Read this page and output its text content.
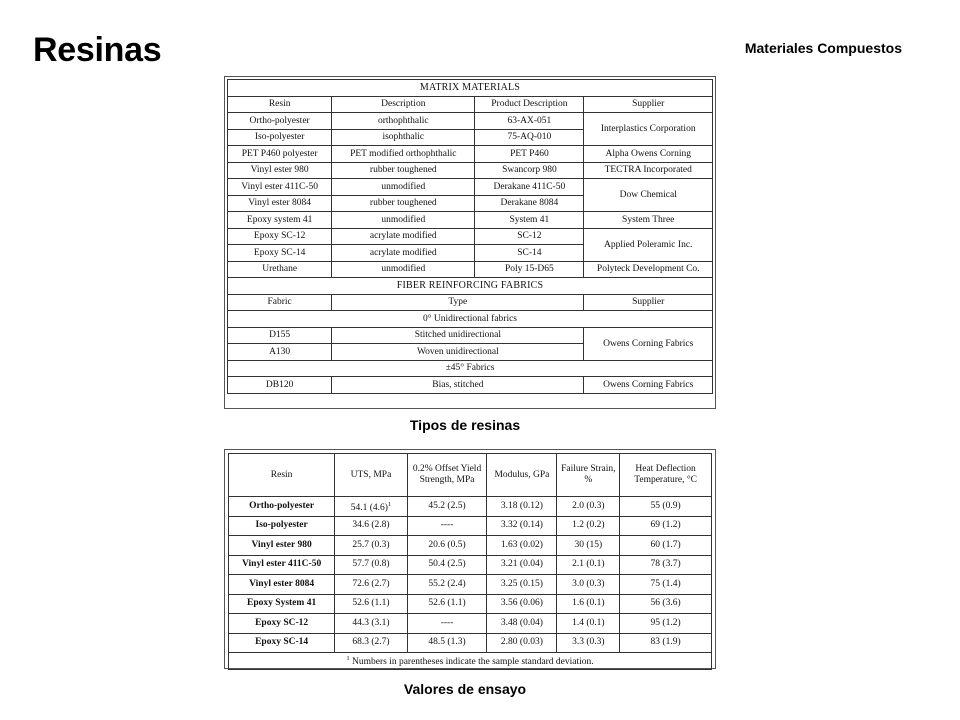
Resinas	Materiales Compuestos
MATRIX MATERIALS			
Resin	Description	Product Description	Supplier
Ortho-polyester	orthophthalic	63-AX-051	Interplastics Corporation
Iso-polyester	isophthalic	75-AQ-010	
PET P460 polyester	PET modified orthophthalic	PET P460	Alpha Owens Corning
Vinyl ester 980	rubber toughened	Swancorp 980	TECTRA Incorporated
Vinyl ester 411C-50	unmodified	Derakane 411C-50	Dow Chemical
Vinyl ester 8084	rubber toughened	Derakane 8084	
Epoxy system 41	unmodified	System 41	System Three
Epoxy SC-12	acrylate modified	SC-12	Applied Poleramic Inc.
Epoxy SC-14	acrylate modified	SC-14	
Urethane	unmodified	Poly 15-D65	Polyteck Development Co.
FIBER REINFORCING FABRICS			
Fabric	Type		Supplier
0° Unidirectional fabrics			
D155	Stitched unidirectional		Owens Corning Fabrics
A130	Woven unidirectional		
±45° Fabrics			
DB120	Bias, stitched		Owens Corning Fabrics
Tipos de resinas
Resin	UTS, MPa	0.2% Offset Yield Strength, MPa	Modulus, GPa	Failure Strain, %	Heat Deflection Temperature, °C
Ortho-polyester	54.1 $(4.6)^1$	45.2 (2.5)	3.18 (0.12)	2.0 (0.3)	55 (0.9)
Iso-polyester	34.6 (2.8)	----	3.32 (0.14)	1.2 (0.2)	69 (1.2)
Vinyl ester 980	25.7 (0.3)	20.6 (0.5)	1.63 (0.02)	30 (15)	60 (1.7)
Vinyl ester 411C-50	57.7 (0.8)	50.4 (2.5)	3.21 (0.04)	2.1 (0.1)	78 (3.7)
Vinyl ester 8084	72.6 (2.7)	55.2 (2.4)	3.25 (0.15)	3.0 (0.3)	75 (1.4)
Epoxy System 41	52.6 (1.1)	52.6 (1.1)	3.56 (0.06)	1.6 (0.1)	56 (3.6)
Epoxy SC-12	44.3 (3.1)	----	3.48 (0.04)	1.4 (0.1)	95 (1.2)
Epoxy SC-14	68.3 (2.7)	48.5 (1.3)	2.80 (0.03)	3.3 (0.3)	83 (1.9)
$^1$ Numbers in parentheses indicate the sample standard deviation.					
Valores de ensayo
